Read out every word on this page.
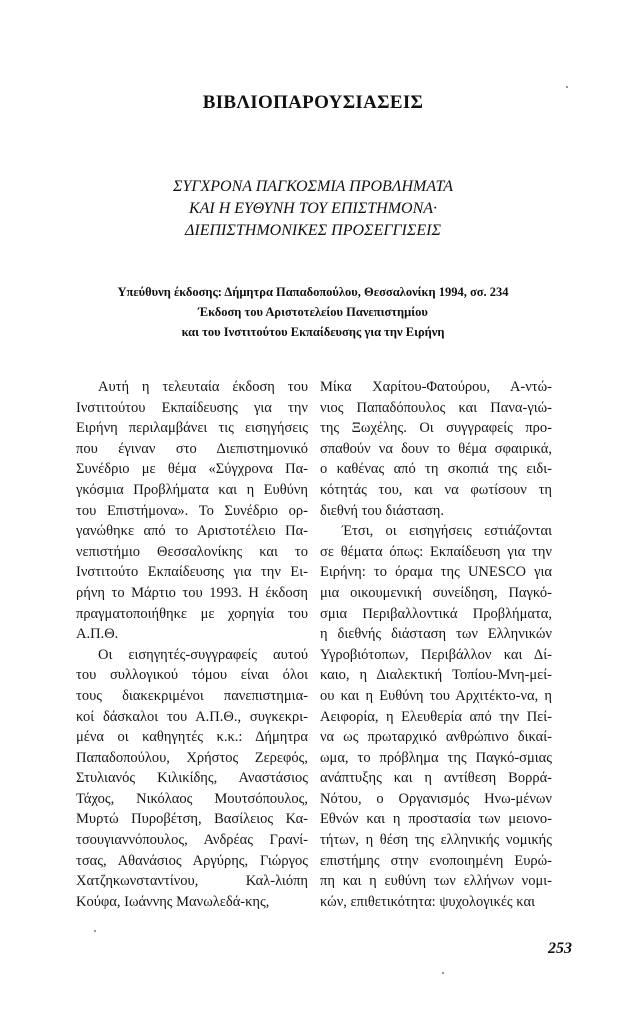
ΒΙΒΛΙΟΠΑΡΟΥΣΙΑΣΕΙΣ
ΣΥΓΧΡΟΝΑ ΠΑΓΚΟΣΜΙΑ ΠΡΟΒΛΗΜΑΤΑ
ΚΑΙ Η ΕΥΘΥΝΗ ΤΟΥ ΕΠΙΣΤΗΜΟΝΑ·
ΔΙΕΠΙΣΤΗΜΟΝΙΚΕΣ ΠΡΟΣΕΓΓΙΣΕΙΣ
Υπεύθυνη έκδοσης: Δήμητρα Παπαδοπούλου, Θεσσαλονίκη 1994, σσ. 234
Έκδοση του Αριστοτελείου Πανεπιστημίου
και του Ινστιτούτου Εκπαίδευσης για την Ειρήνη
Αυτή η τελευταία έκδοση του
Ινστιτούτου Εκπαίδευσης για την
Ειρήνη περιλαμβάνει τις εισηγήσεις
που έγιναν στο Διεπιστημονικό
Συνέδριο με θέμα «Σύγχρονα Πα-
γκόσμια Προβλήματα και η Ευθύνη
του Επιστήμονα». Το Συνέδριο ορ-
γανώθηκε από το Αριστοτέλειο Πα-
νεπιστήμιο Θεσσαλονίκης και το
Ινστιτούτο Εκπαίδευσης για την Ει-
ρήνη το Μάρτιο του 1993. Η έκδοση
πραγματοποιήθηκε με χορηγία του
Α.Π.Θ.
Οι εισηγητές-συγγραφείς αυτού
του συλλογικού τόμου είναι όλοι
τους διακεκριμένοι πανεπιστημια-
κοί δάσκαλοι του Α.Π.Θ., συγκεκρι-
μένα οι καθηγητές κ.κ.: Δήμητρα
Παπαδοπούλου, Χρήστος Ζερεφός,
Στυλιανός Κιλικίδης, Αναστάσιος
Τάχος, Νικόλαος Μουτσόπουλος,
Μυρτώ Πυροβέτση, Βασίλειος Κα-
τσουγιαννόπουλος, Ανδρέας Γρανί-
τσας, Αθανάσιος Αργύρης, Γιώργος
Χατζηκωνσταντίνου, Καλ-λιόπη
Κούφα, Ιωάννης Μανωλεδά-κης,
Μίκα Χαρίτου-Φατούρου, Α-ντώ-
νιος Παπαδόπουλος και Πανα-γιώ-
της Ξωχέλης. Οι συγγραφείς προ-
σπαθούν να δουν το θέμα σφαιρικά,
ο καθένας από τη σκοπιά της ειδι-
κότητάς του, και να φωτίσουν τη
διεθνή του διάσταση.
Έτσι, οι εισηγήσεις εστιάζονται
σε θέματα όπως: Εκπαίδευση για την
Ειρήνη: το όραμα της UNESCO για
μια οικουμενική συνείδηση, Παγκό-
σμια Περιβαλλοντικά Προβλήματα,
η διεθνής διάσταση των Ελληνικών
Υγροβιότοπων, Περιβάλλον και Δί-
καιο, η Διαλεκτική Τοπίου-Μνη-μεί-
ου και η Ευθύνη του Αρχιτέκτο-να, η
Αειφορία, η Ελευθερία από την Πεί-
να ως πρωταρχικό ανθρώπινο δικαί-
ωμα, το πρόβλημα της Παγκό-σμιας
ανάπτυξης και η αντίθεση Βορρά-
Νότου, ο Οργανισμός Ηνω-μένων
Εθνών και η προστασία των μειονο-
τήτων, η θέση της ελληνικής νομικής
επιστήμης στην ενοποιημένη Ευρώ-
πη και η ευθύνη των ελλήνων νομι-
κών, επιθετικότητα: ψυχολογικές και
253
